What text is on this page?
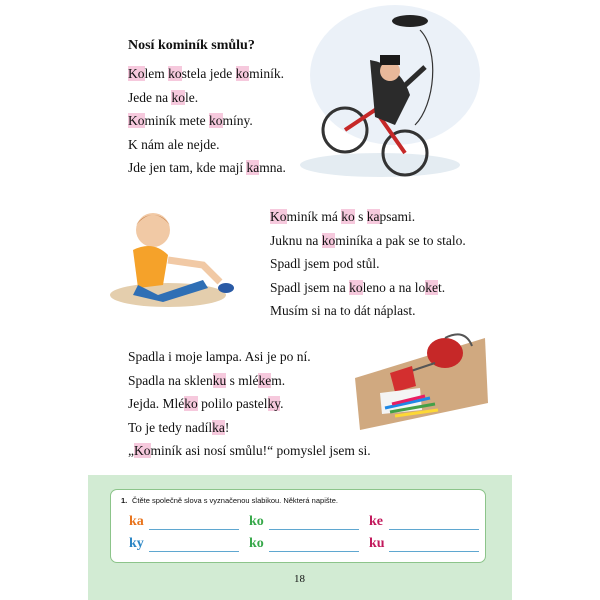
Nosí kominík smůlu?
Kolem kostela jede kominík.
Jede na kole.
Kominík mete komíny.
K nám ale nejde.
Jde jen tam, kde mají kamna.
Kominík má ko s kapsami.
Juknu na kominíka a pak se to stalo.
Spadl jsem pod stůl.
Spadl jsem na koleno a na loket.
Musím si na to dát náplast.
Spadla i moje lampa. Asi je po ní.
Spadla na sklenku s mlékem.
Jejda. Mléko polilo pastelky.
To je tedy nadílka!
„Kominík asi nosí smůlu!“ pomyslel jsem si.
1. Čtěte společně slova s vyznačenou slabikou. Některá napište.
ka	ko	ke
ky	ko	ku
18
